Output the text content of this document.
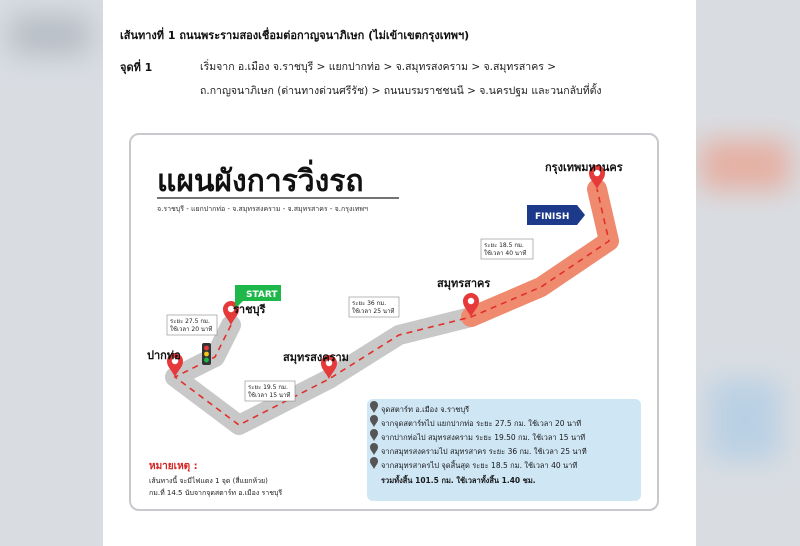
เส้นทางที่ 1 ถนนพระรามสองเชื่อมต่อกาญจนาภิเษก (ไม่เข้าเขตกรุงเทพฯ)
จุดที่ 1	เริ่มจาก อ.เมือง จ.ราชบุรี > แยกปากท่อ > จ.สมุทรสงคราม > จ.สมุทรสาคร >
ถ.กาญจนาภิเษก (ด่านทางด่วนศรีรัช) > ถนนบรมราชชนนี > จ.นครปฐม และวนกลับที่ตั้ง
แผนผังการวิ่งรถ
จ.ราชบุรี - แยกปากท่อ - จ.สมุทรสงคราม - จ.สมุทรสาคร - จ.กรุงเทพฯ
START
FINISH
ราชบุรี
ปากท่อ	สมุทรสงคราม
สมุทรสาคร
กรุงเทพมหานคร
ระยะ 27.5 กม.
ใช้เวลา 20 นาที
ระยะ 19.5 กม.
ใช้เวลา 15 นาที
ระยะ 36 กม.
ใช้เวลา 25 นาที
ระยะ 18.5 กม.
ใช้เวลา 40 นาที
หมายเหตุ :
เส้นทางนี้ จะมีไฟแดง 1 จุด (สี่แยกห้วย)
กม.ที่ 14.5 นับจากจุดสตาร์ท อ.เมือง ราชบุรี
จุดสตาร์ท อ.เมือง จ.ราชบุรี
จากจุดสตาร์ทไป แยกปากท่อ ระยะ 27.5 กม. ใช้เวลา 20 นาที
จากปากท่อไป สมุทรสงคราม ระยะ 19.50 กม. ใช้เวลา 15 นาที
จากสมุทรสงครามไป สมุทรสาคร ระยะ 36 กม. ใช้เวลา 25 นาที
จากสมุทรสาครไป จุดสิ้นสุด ระยะ 18.5 กม. ใช้เวลา 40 นาที
รวมทั้งสิ้น 101.5 กม. ใช้เวลาทั้งสิ้น 1.40 ชม.
